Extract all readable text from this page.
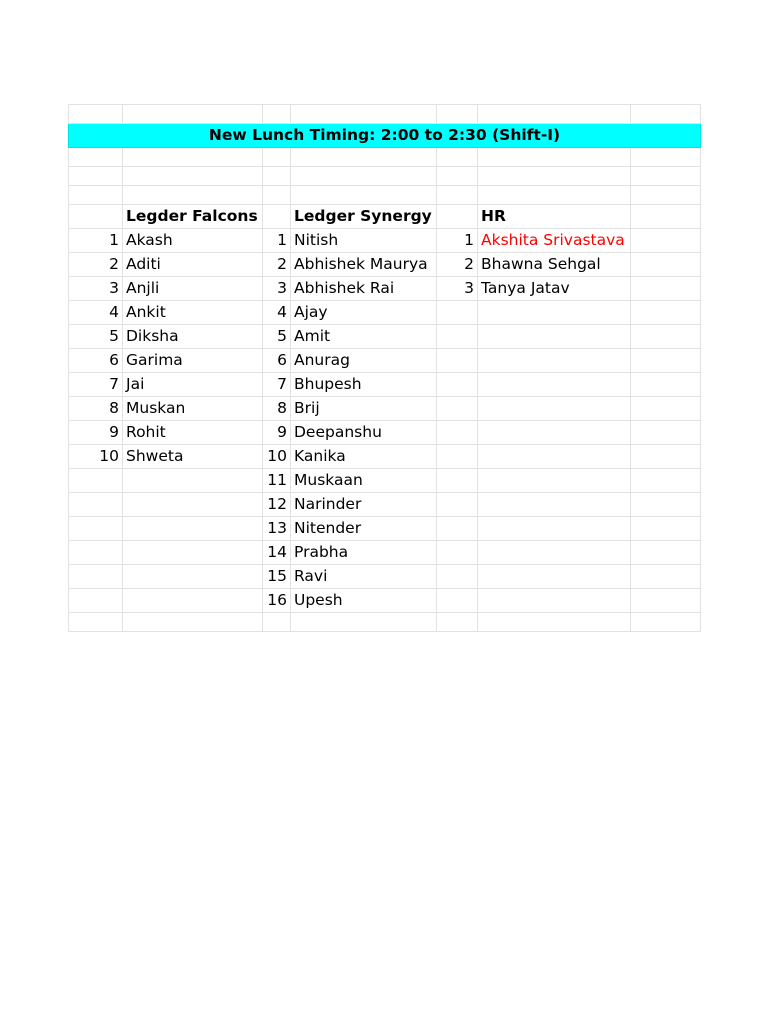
New Lunch Timing: 2:00 to 2:30 (Shift-I)						

	Legder Falcons		Ledger Synergy		HR	
1	Akash	1	Nitish	1	Akshita Srivastava	
2	Aditi	2	Abhishek Maurya	2	Bhawna Sehgal	
3	Anjli	3	Abhishek Rai	3	Tanya Jatav	
4	Ankit	4	Ajay			
5	Diksha	5	Amit			
6	Garima	6	Anurag			
7	Jai	7	Bhupesh			
8	Muskan	8	Brij			
9	Rohit	9	Deepanshu			
10	Shweta	10	Kanika			
		11	Muskaan			
		12	Narinder			
		13	Nitender			
		14	Prabha			
		15	Ravi			
		16	Upesh			
